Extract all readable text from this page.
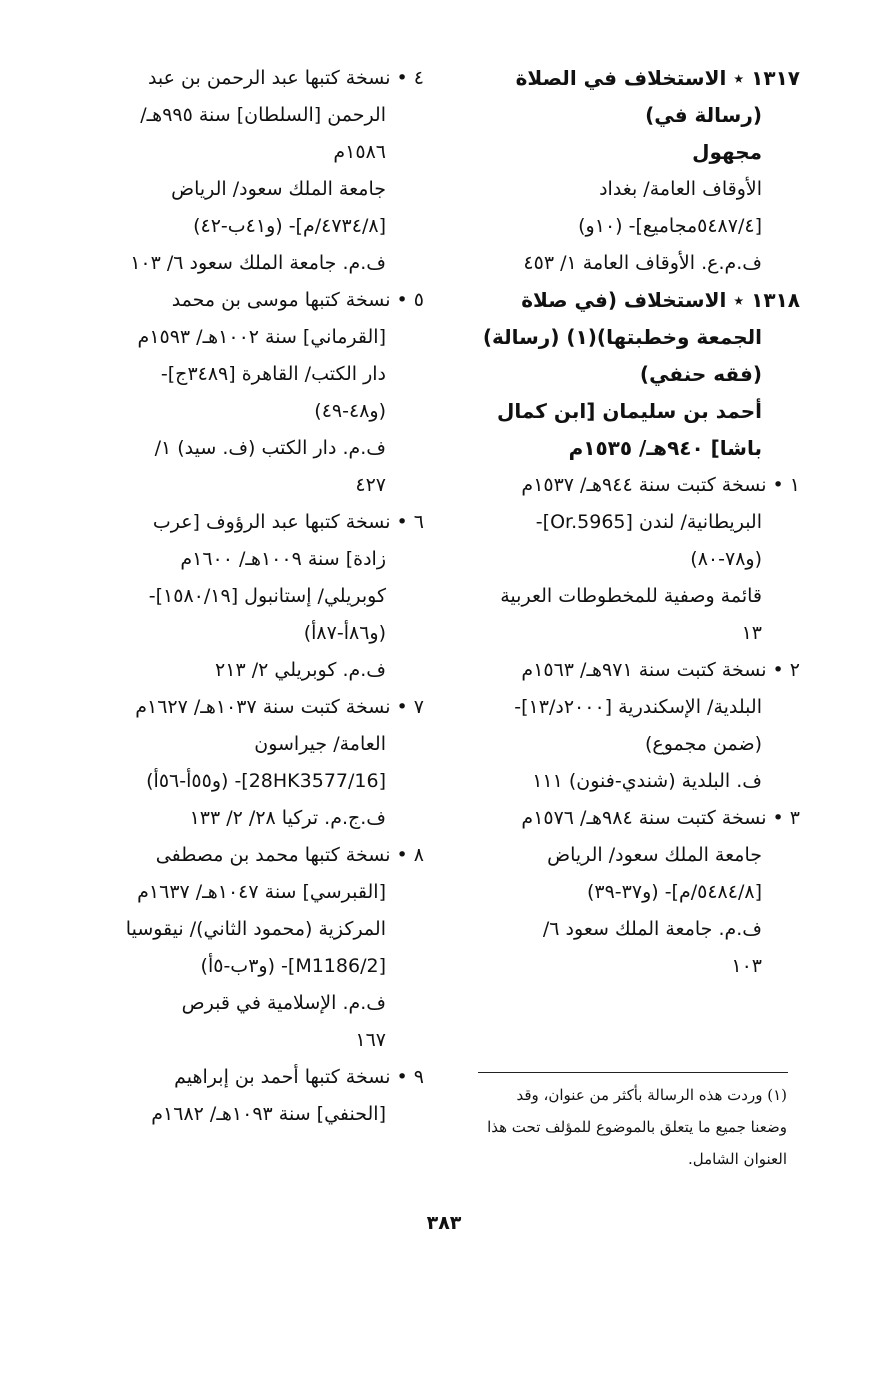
١٣١٧ ٭ الاستخلاف في الصلاة
(رسالة في)
مجهول
الأوقاف العامة/ بغداد
[٥٤٨٧/٤مجاميع]- (١٠و)
ف.م.ع. الأوقاف العامة ١/ ٤٥٣
١٣١٨ ٭ الاستخلاف (في صلاة
الجمعة وخطبتها)(١) (رسالة)
(فقه حنفي)
أحمد بن سليمان [ابن كمال
باشا] ٩٤٠هـ/ ١٥٣٥م
١ • نسخة كتبت سنة ٩٤٤هـ/ ١٥٣٧م
البريطانية/ لندن [Or.5965]-
(و٧٨-٨٠)
قائمة وصفية للمخطوطات العربية
١٣
٢ • نسخة كتبت سنة ٩٧١هـ/ ١٥٦٣م
البلدية/ الإسكندرية [٢٠٠٠د/١٣]-
(ضمن مجموع)
ف. البلدية (شندي-فنون) ١١١
٣ • نسخة كتبت سنة ٩٨٤هـ/ ١٥٧٦م
جامعة الملك سعود/ الرياض
[٥٤٨٤/٨/م]- (و٣٧-٣٩)
ف.م. جامعة الملك سعود ٦/
١٠٣
٤ • نسخة كتبها عبد الرحمن بن عبد
الرحمن [السلطان] سنة ٩٩٥هـ/
١٥٨٦م
جامعة الملك سعود/ الرياض
[٤٧٣٤/٨/م]- (و٤١ب-٤٢)
ف.م. جامعة الملك سعود ٦/ ١٠٣
٥ • نسخة كتبها موسى بن محمد
[القرماني] سنة ١٠٠٢هـ/ ١٥٩٣م
دار الكتب/ القاهرة [٣٤٨٩ج]-
(و٤٨-٤٩)
ف.م. دار الكتب (ف. سيد) ١/
٤٢٧
٦ • نسخة كتبها عبد الرؤوف [عرب
زادة] سنة ١٠٠٩هـ/ ١٦٠٠م
كوبريلي/ إستانبول [١٥٨٠/١٩]-
(و٨٦أ-٨٧أ)
ف.م. كوبريلي ٢/ ٢١٣
٧ • نسخة كتبت سنة ١٠٣٧هـ/ ١٦٢٧م
العامة/ جيراسون
[28HK3577/16]- (و٥٥أ-٥٦أ)
ف.ج.م. تركيا ٢٨/ ٢/ ١٣٣
٨ • نسخة كتبها محمد بن مصطفى
[القبرسي] سنة ١٠٤٧هـ/ ١٦٣٧م
المركزية (محمود الثاني)/ نيقوسيا
[M1186/2]- (و٣ب-٥أ)
ف.م. الإسلامية في قبرص
١٦٧
٩ • نسخة كتبها أحمد بن إبراهيم
[الحنفي] سنة ١٠٩٣هـ/ ١٦٨٢م
(١) وردت هذه الرسالة بأكثر من عنوان، وقد
وضعنا جميع ما يتعلق بالموضوع للمؤلف تحت هذا
العنوان الشامل.
٣٨٣
